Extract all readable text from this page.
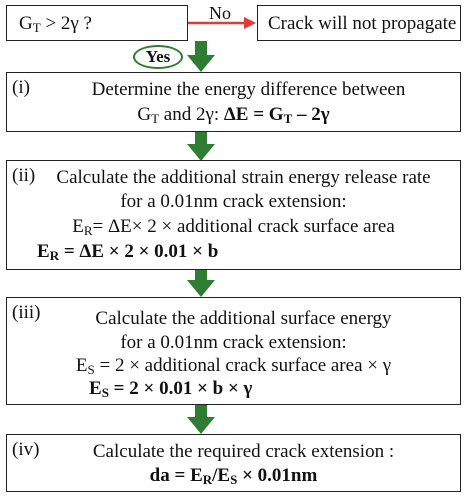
$G_T > 2\gamma$ ?	No Crack will not propagate
Yes
(i)	Determine the energy difference between
$G_T$ and 2γ: $\Delta E = G_T - 2\gamma$
(ii)	Calculate the additional strain energy release rate
for a 0.01nm crack extension:
$E_R= \Delta E\times 2$ × additional crack surface area
$E_R = \Delta E \times 2 \times 0.01 \times b$
(iii)	Calculate the additional surface energy
for a 0.01nm crack extension:
$E_S = 2$ × additional crack surface area × γ
$E_S = 2 \times 0.01 \times b \times \gamma$
(iv)	Calculate the required crack extension :
da = $E_R/E_S \times 0.01nm$
